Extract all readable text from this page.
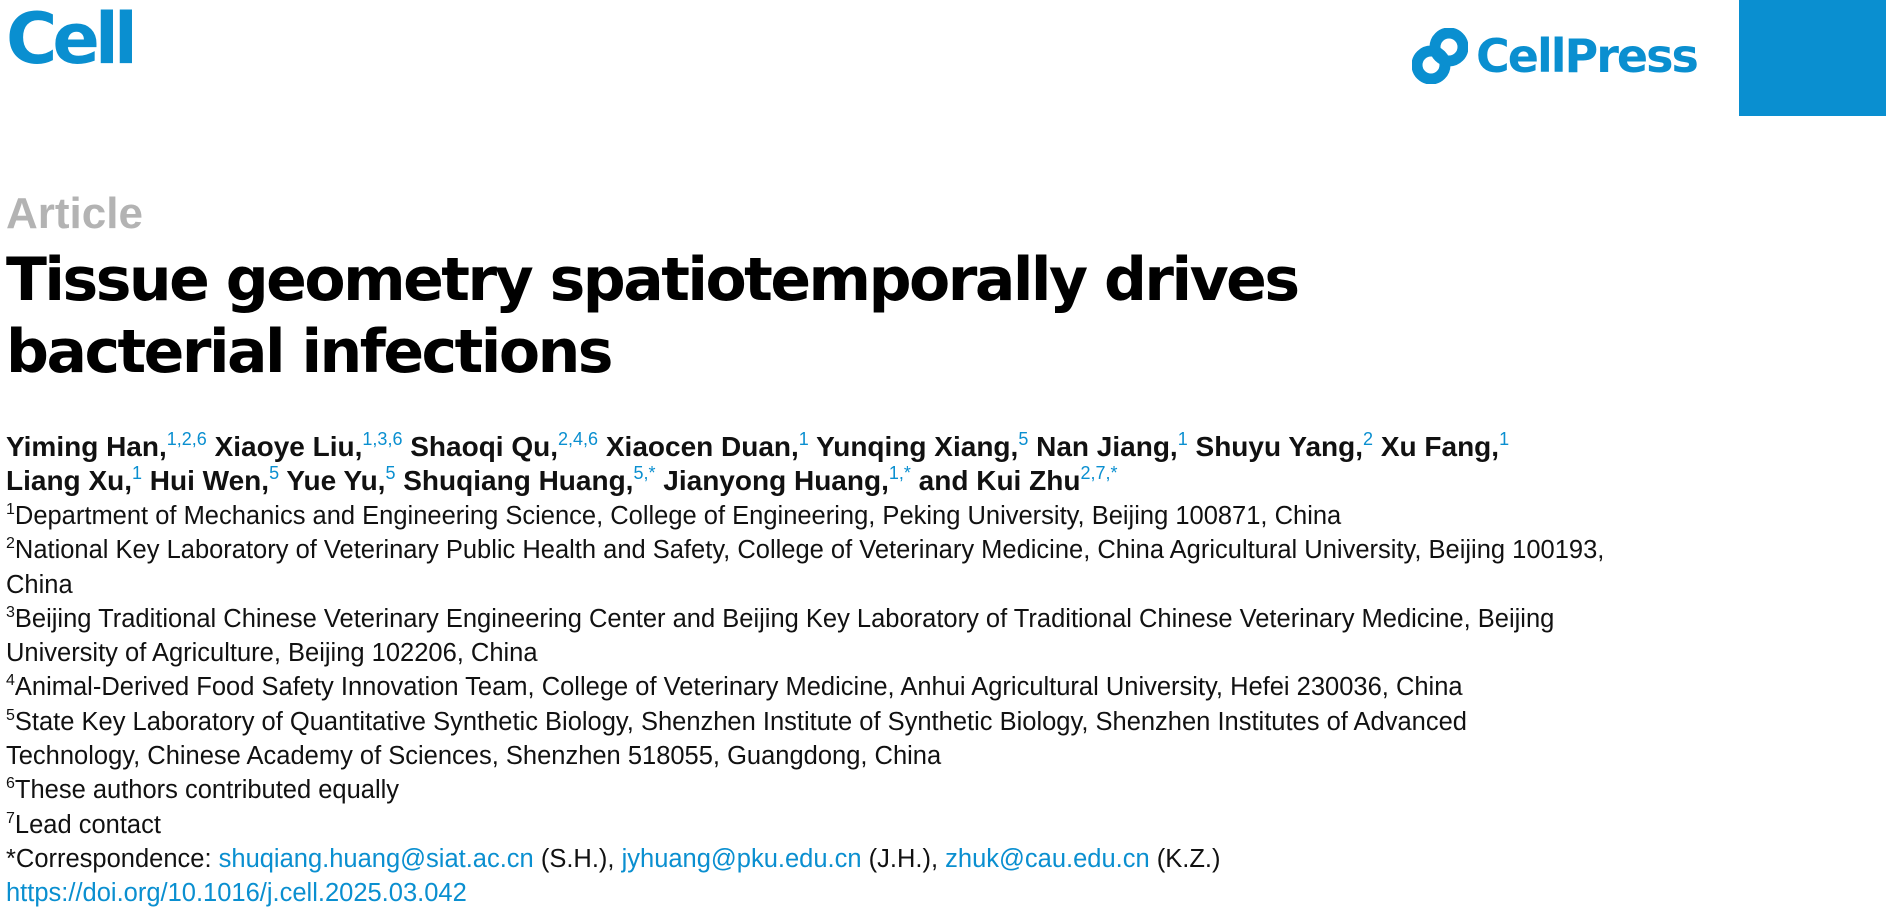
Cell	CellPress
Article
Tissue geometry spatiotemporally drives
bacterial infections
Yiming Han,$^{1,2,6}$ Xiaoye Liu,$^{1,3,6}$ Shaoqi Qu,$^{2,4,6}$ Xiaocen Duan,$^1$ Yunqing Xiang,$^5$ Nan Jiang,$^1$ Shuyu Yang,$^2$ Xu Fang,$^1$
Liang Xu,$^1$ Hui Wen,$^5$ Yue Yu,$^5$ Shuqiang Huang,$^{5,*}$ Jianyong Huang,$^{1,*}$ and Kui Zhu$^{2,7,*}$

$^1$Department of Mechanics and Engineering Science, College of Engineering, Peking University, Beijing 100871, China

$^2$National Key Laboratory of Veterinary Public Health and Safety, College of Veterinary Medicine, China Agricultural University, Beijing 100193,
China

$^3$Beijing Traditional Chinese Veterinary Engineering Center and Beijing Key Laboratory of Traditional Chinese Veterinary Medicine, Beijing
University of Agriculture, Beijing 102206, China

$^4$Animal-Derived Food Safety Innovation Team, College of Veterinary Medicine, Anhui Agricultural University, Hefei 230036, China

$^5$State Key Laboratory of Quantitative Synthetic Biology, Shenzhen Institute of Synthetic Biology, Shenzhen Institutes of Advanced
Technology, Chinese Academy of Sciences, Shenzhen 518055, Guangdong, China

$^6$These authors contributed equally

$^7$Lead contact

*Correspondence: shuqiang.huang@siat.ac.cn (S.H.), jyhuang@pku.edu.cn (J.H.), zhuk@cau.edu.cn (K.Z.)

https://doi.org/10.1016/j.cell.2025.03.042
